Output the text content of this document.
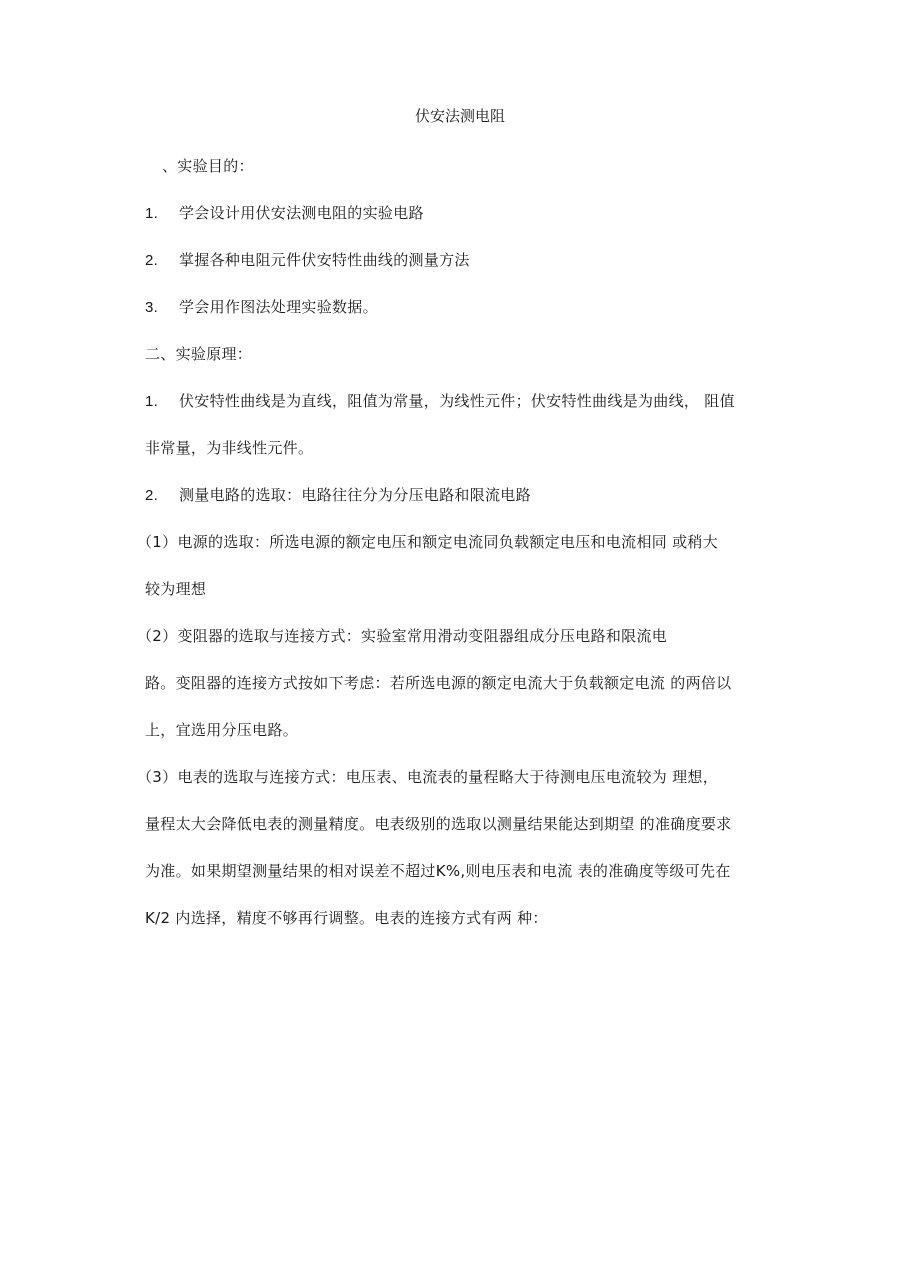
伏安法测电阻
、实验目的：
1. 学会设计用伏安法测电阻的实验电路
2. 掌握各种电阻元件伏安特性曲线的测量方法
3. 学会用作图法处理实验数据。
二、实验原理：
1. 伏安特性曲线是为直线，阻值为常量，为线性元件；伏安特性曲线是为曲线， 阻值
非常量，为非线性元件。
2. 测量电路的选取：电路往往分为分压电路和限流电路
（1）电源的选取：所选电源的额定电压和额定电流同负载额定电压和电流相同 或稍大
较为理想
（2）变阻器的选取与连接方式：实验室常用滑动变阻器组成分压电路和限流电
路。变阻器的连接方式按如下考虑：若所选电源的额定电流大于负载额定电流 的两倍以
上，宜选用分压电路。
（3）电表的选取与连接方式：电压表、电流表的量程略大于待测电压电流较为 理想，
量程太大会降低电表的测量精度。电表级别的选取以测量结果能达到期望 的准确度要求
为准。如果期望测量结果的相对误差不超过K%,则电压表和电流 表的准确度等级可先在
K/2 内选择，精度不够再行调整。电表的连接方式有两 种：
